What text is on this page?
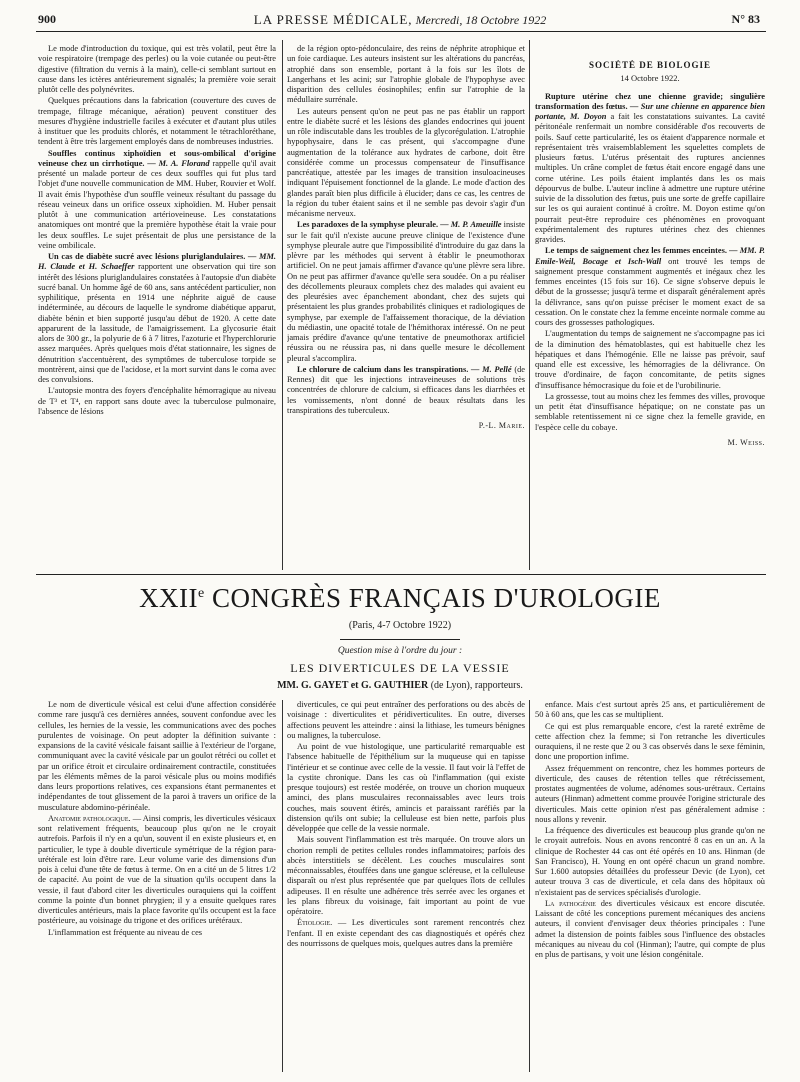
900	LA PRESSE MÉDICALE, Mercredi, 18 Octobre 1922	N° 83

Le mode d'introduction du toxique, qui est très volatil, peut être la voie respiratoire (trempage des perles) ou la voie cutanée ou peut-être digestive (filtration du vernis à la main), celle-ci semblant surtout en cause dans les ictères antérieurement signalés; la première voie serait plutôt celle des polynévrites.

Quelques précautions dans la fabrication (couverture des cuves de trempage, filtrage mécanique, aération) peuvent constituer des mesures d'hygiène industrielle faciles à exécuter et d'autant plus utiles à instituer que les produits chlorés, et notamment le tétrachloréthane, tendent à être très largement employés dans de nombreuses industries.

Souffles continus xiphoïdien et sous-ombilical d'origine veineuse chez un cirrhotique. — M. A. Florand rappelle qu'il avait présenté un malade porteur de ces deux souffles qui fut plus tard l'objet d'une nouvelle communication de MM. Huber, Rouvier et Wolf. Il avait émis l'hypothèse d'un souffle veineux résultant du passage du réseau veineux dans un orifice osseux xiphoïdien. M. Huber pensait plutôt à une communication artérioveineuse. Les constatations anatomiques ont montré que la première hypothèse était la vraie pour les deux souffles. Le sujet présentait de plus une persistance de la veine ombilicale.

Un cas de diabète sucré avec lésions pluriglandulaires. — MM. H. Claude et H. Schaeffer rapportent une observation qui tire son intérêt des lésions pluriglandulaires constatées à l'autopsie d'un diabète sucré banal. Un homme âgé de 60 ans, sans antécédent particulier, non syphilitique, présenta en 1914 une néphrite aiguë de cause indéterminée, au décours de laquelle le syndrome diabétique apparut, diabète bénin et bien supporté jusqu'au début de 1920. A cette date apparurent de la lassitude, de l'amaigrissement. La glycosurie était alors de 300 gr., la polyurie de 6 à 7 litres, l'azoturie et l'hyperchlorurie assez marquées. Après quelques mois d'état stationnaire, les signes de dénutrition s'accentuèrent, des symptômes de tuberculose torpide se montrèrent, ainsi que de l'acidose, et la mort survint dans le coma avec des convulsions.

L'autopsie montra des foyers d'encéphalite hémorragique au niveau de T³ et T⁴, en rapport sans doute avec la tuberculose pulmonaire, l'absence de lésions

de la région opto-pédonculaire, des reins de néphrite atrophique et un foie cardiaque. Les auteurs insistent sur les altérations du pancréas, atrophié dans son ensemble, portant à la fois sur les îlots de Langerhans et les acini; sur l'atrophie globale de l'hypophyse avec disparition des cellules éosinophiles; enfin sur l'atrophie de la médullaire surrénale.

Les auteurs pensent qu'on ne peut pas ne pas établir un rapport entre le diabète sucré et les lésions des glandes endocrines qui jouent un rôle indiscutable dans les troubles de la glycorégulation. L'atrophie hypophysaire, dans le cas présent, qui s'accompagne d'une augmentation de la tolérance aux hydrates de carbone, doit être considérée comme un processus compensateur de l'insuffisance pancréatique, attestée par les images de transition insuloacineuses indiquant l'épuisement fonctionnel de la glande. Le mode d'action des glandes paraît bien plus difficile à élucider; dans ce cas, les centres de la région du tuber étaient sains et il ne semble pas devoir s'agir d'un mécanisme nerveux.

Les paradoxes de la symphyse pleurale. — M. P. Ameuille insiste sur le fait qu'il n'existe aucune preuve clinique de l'existence d'une symphyse pleurale autre que l'impossibilité d'introduire du gaz dans la plèvre par les méthodes qui servent à établir le pneumothorax artificiel. On ne peut jamais affirmer d'avance qu'une plèvre sera libre. On ne peut pas affirmer d'avance qu'elle sera soudée. On a pu réaliser des décollements pleuraux complets chez des malades qui avaient eu des pleurésies avec épanchement abondant, chez des sujets qui présentaient les plus grandes probabilités cliniques et radiologiques de symphyse, par exemple de l'affaissement thoracique, de la déviation du médiastin, une opacité totale de l'hémithorax intéressé. On ne peut jamais prédire d'avance qu'une tentative de pneumothorax artificiel réussira ou ne réussira pas, ni dans quelle mesure le décollement pleural s'accomplira.

Le chlorure de calcium dans les transpirations. — M. Pellé (de Rennes) dit que les injections intraveineuses de solutions très concentrées de chlorure de calcium, si efficaces dans les diarrhées et les vomissements, n'ont donné de beaux résultats dans les transpirations des tuberculeux.

P.-L. Marie.
SOCIÉTÉ DE BIOLOGIE
14 Octobre 1922.

Rupture utérine chez une chienne gravide; singulière transformation des fœtus. — Sur une chienne en apparence bien portante, M. Doyon a fait les constatations suivantes. La cavité péritonéale renfermait un nombre considérable d'os recouverts de poils. Sauf cette particularité, les os étaient d'apparence normale et représentaient très vraisemblablement les squelettes complets de plusieurs fœtus. L'utérus présentait des ruptures anciennes multiples. Un crâne complet de fœtus était encore engagé dans une corne utérine. Les poils étaient implantés dans les os mais dépourvus de bulbe. L'auteur incline à admettre une rupture utérine suivie de la dissolution des fœtus, puis une sorte de greffe capillaire sur les os qui auraient continué à croître. M. Doyon estime qu'on pourrait peut-être reproduire ces phénomènes en provoquant expérimentalement des ruptures utérines chez des chiennes gravides.

Le temps de saignement chez les femmes enceintes. — MM. P. Emile-Weil, Bocage et Isch-Wall ont trouvé les temps de saignement presque constamment augmentés et inégaux chez les femmes enceintes (15 fois sur 16). Ce signe s'observe depuis le début de la grossesse; jusqu'à terme et disparaît généralement après la délivrance, sans qu'on puisse préciser le moment exact de sa cessation. On le constate chez la femme enceinte normale comme au cours des grossesses pathologiques.

L'augmentation du temps de saignement ne s'accompagne pas ici de la diminution des hématoblastes, qui est habituelle chez les hépatiques et dans l'hémogénie. Elle ne laisse pas prévoir, sauf quand elle est excessive, les hémorragies de la délivrance. On trouve d'ordinaire, de façon concomitante, de petits signes d'insuffisance hémocrasique du foie et de l'urobilinurie.

La grossesse, tout au moins chez les femmes des villes, provoque un petit état d'insuffisance hépatique; on ne constate pas un semblable retentissement ni ce signe chez la femelle gravide, en l'espèce celle du cobaye.

M. Weiss.
XXIIe CONGRÈS FRANÇAIS D'UROLOGIE
(Paris, 4-7 Octobre 1922)
Question mise à l'ordre du jour :
LES DIVERTICULES DE LA VESSIE
MM. G. GAYET et G. GAUTHIER (de Lyon), rapporteurs.

Le nom de diverticule vésical est celui d'une affection considérée comme rare jusqu'à ces dernières années, souvent confondue avec les cellules, les hernies de la vessie, les communications avec des poches purulentes de voisinage. On peut adopter la définition suivante : expansions de la cavité vésicale faisant saillie à l'extérieur de l'organe, communiquant avec la cavité vésicale par un goulot rétréci ou collet et par un orifice étroit et circulaire ordinairement contractile, constituées par les éléments mêmes de la paroi vésicale plus ou moins modifiés dans leurs proportions relatives, ces expansions étant permanentes et indépendantes de tout glissement de la paroi à travers un orifice de la musculature abdomino-périnéale.

Anatomie pathologique. — Ainsi compris, les diverticules vésicaux sont relativement fréquents, beaucoup plus qu'on ne le croyait autrefois. Parfois il n'y en a qu'un, souvent il en existe plusieurs et, en particulier, le type à double diverticule symétrique de la région para-urétérale est loin d'être rare. Leur volume varie des dimensions d'un pois à celui d'une tête de fœtus à terme. On en a cité un de 5 litres 1/2 de capacité. Au point de vue de la situation qu'ils occupent dans la vessie, il faut d'abord citer les diverticules ouraquiens qui la coiffent comme la pointe d'un bonnet phrygien; il y a ensuite quelques rares diverticules antérieurs, mais la place favorite qu'ils occupent est la face postérieure, au voisinage du trigone et des orifices urétéraux.

L'inflammation est fréquente au niveau de ces

diverticules, ce qui peut entraîner des perforations ou des abcès de voisinage : diverticulites et péridiverticulites. En outre, diverses affections peuvent les atteindre : ainsi la lithiase, les tumeurs bénignes ou malignes, la tuberculose.

Au point de vue histologique, une particularité remarquable est l'absence habituelle de l'épithélium sur la muqueuse qui en tapisse l'intérieur et se continue avec celle de la vessie. Il faut voir là l'effet de la cystite chronique. Dans les cas où l'inflammation (qui existe presque toujours) est restée modérée, on trouve un chorion muqueux aminci, des plans musculaires reconnaissables avec leurs trois couches, mais souvent étirés, amincis et paraissant raréfiés par la distension qu'ils ont subie; la celluleuse est bien nette, parfois plus développée que celle de la vessie normale.

Mais souvent l'inflammation est très marquée. On trouve alors un chorion rempli de petites cellules rondes inflammatoires; parfois des abcès interstitiels se décèlent. Les couches musculaires sont méconnaissables, étouffées dans une gangue scléreuse, et la celluleuse disparaît ou n'est plus représentée que par quelques îlots de cellules adipeuses. Il en résulte une adhérence très serrée avec les organes et les plans fibreux du voisinage, fait important au point de vue opératoire.

Étiologie. — Les diverticules sont rarement rencontrés chez l'enfant. Il en existe cependant des cas diagnostiqués et opérés chez des nourrissons de quelques mois, quelques autres dans la première

enfance. Mais c'est surtout après 25 ans, et particulièrement de 50 à 60 ans, que les cas se multiplient.

Ce qui est plus remarquable encore, c'est la rareté extrême de cette affection chez la femme; si l'on retranche les diverticules ouraquiens, il ne reste que 2 ou 3 cas observés dans le sexe féminin, donc une proportion infime.

Assez fréquemment on rencontre, chez les hommes porteurs de diverticule, des causes de rétention telles que rétrécissement, prostates augmentées de volume, adénomes sous-urétraux. Certains auteurs (Hinman) admettent comme prouvée l'origine stricturale des diverticules. Mais cette opinion n'est pas généralement admise : nous allons y revenir.

La fréquence des diverticules est beaucoup plus grande qu'on ne le croyait autrefois. Nous en avons rencontré 8 cas en un an. A la clinique de Rochester 44 cas ont été opérés en 10 ans. Hinman (de San Francisco), H. Young en ont opéré chacun un grand nombre. Sur 1.600 autopsies détaillées du professeur Devic (de Lyon), cet auteur trouva 3 cas de diverticule, et cela dans des hôpitaux où n'existaient pas de services spécialisés d'urologie.

La pathogénie des diverticules vésicaux est encore discutée. Laissant de côté les conceptions purement mécaniques des anciens auteurs, il convient d'envisager deux théories principales : l'une admet la distension de points faibles sous l'influence des obstacles mécaniques au niveau du col (Hinman); l'autre, qui compte de plus en plus de partisans, y voit une lésion congénitale.
